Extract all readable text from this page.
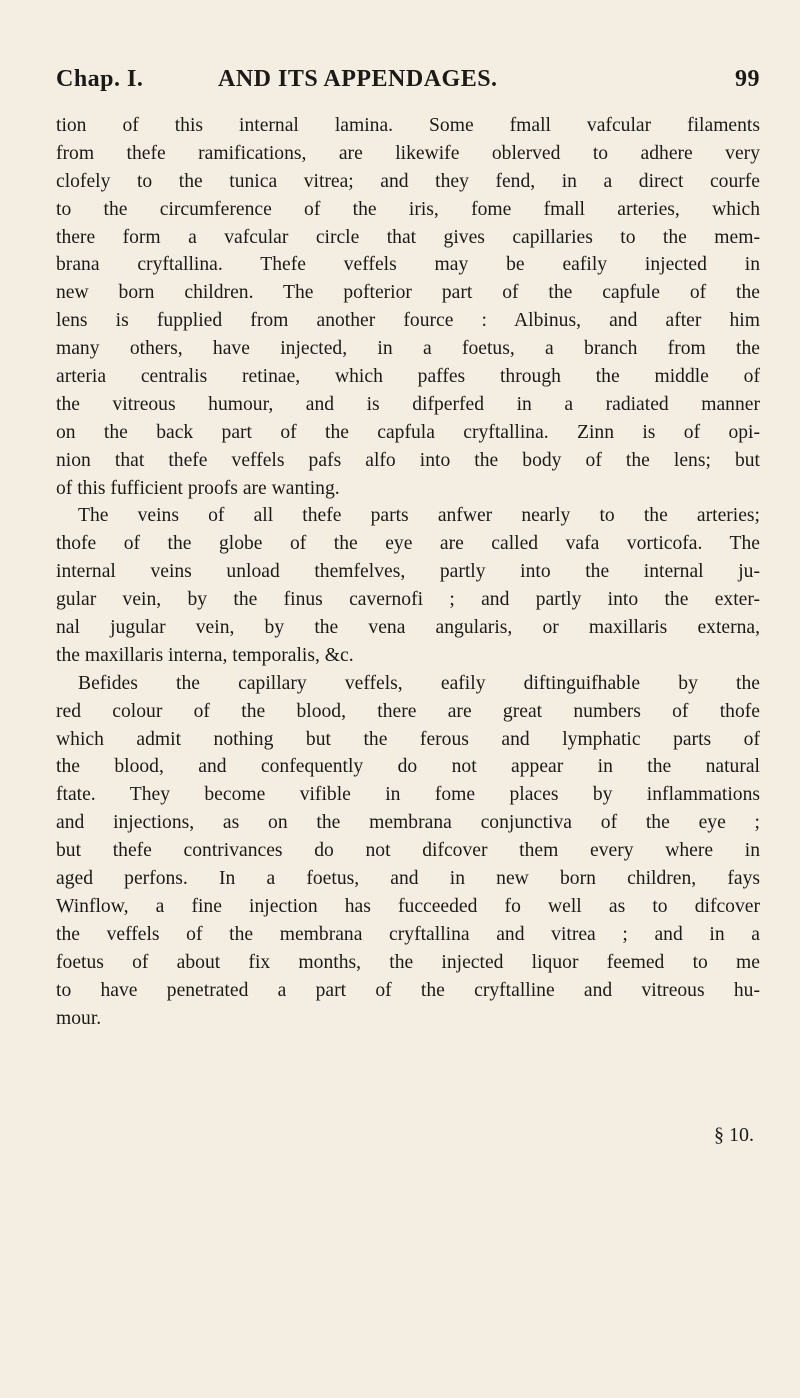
Chap. I.	AND ITS APPENDAGES.	99
tion of this internal lamina. Some fmall vafcular filaments
from thefe ramifications, are likewife oblerved to adhere very
clofely to the tunica vitrea; and they fend, in a direct courfe
to the circumference of the iris, fome fmall arteries, which
there form a vafcular circle that gives capillaries to the mem-
brana cryftallina. Thefe veffels may be eafily injected in
new born children. The pofterior part of the capfule of the
lens is fupplied from another fource : Albinus, and after him
many others, have injected, in a foetus, a branch from the
arteria centralis retinae, which paffes through the middle of
the vitreous humour, and is difperfed in a radiated manner
on the back part of the capfula cryftallina. Zinn is of opi-
nion that thefe veffels pafs alfo into the body of the lens; but
of this fufficient proofs are wanting.
The veins of all thefe parts anfwer nearly to the arteries;
thofe of the globe of the eye are called vafa vorticofa. The
internal veins unload themfelves, partly into the internal ju-
gular vein, by the finus cavernofi ; and partly into the exter-
nal jugular vein, by the vena angularis, or maxillaris externa,
the maxillaris interna, temporalis, &c.
Befides the capillary veffels, eafily diftinguifhable by the
red colour of the blood, there are great numbers of thofe
which admit nothing but the ferous and lymphatic parts of
the blood, and confequently do not appear in the natural
ftate. They become vifible in fome places by inflammations
and injections, as on the membrana conjunctiva of the eye ;
but thefe contrivances do not difcover them every where in
aged perfons. In a foetus, and in new born children, fays
Winflow, a fine injection has fucceeded fo well as to difcover
the veffels of the membrana cryftallina and vitrea ; and in a
foetus of about fix months, the injected liquor feemed to me
to have penetrated a part of the cryftalline and vitreous hu-
mour.
§ 10.
